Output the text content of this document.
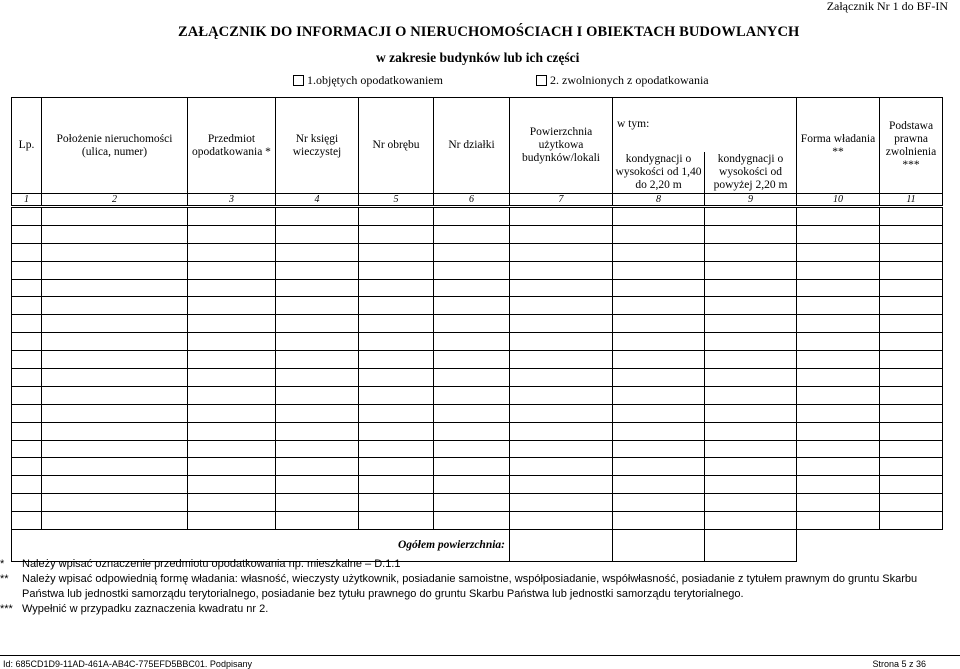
Załącznik Nr 1 do BF-IN
ZAŁĄCZNIK DO INFORMACJI O NIERUCHOMOŚCIACH I OBIEKTACH BUDOWLANYCH
w zakresie budynków lub ich części
1.objętych opodatkowaniem	2. zwolnionych z opodatkowania
Lp.	Położenie nieruchomości (ulica, numer)	Przedmiot opodatkowania *	Nr księgi wieczystej	Nr obrębu	Nr działki	Powierzchnia użytkowa budynków/lokali	w tym:		Forma władania **	Podstawa prawna zwolnienia ***
							kondygnacji o wysokości od 1,40 do 2,20 m	kondygnacji o wysokości od powyżej 2,20 m		
1	2	3	4	5	6	7	8	9	10	11

Ogółem powierzchnia:										
*	Należy wpisać oznaczenie przedmiotu opodatkowania np. mieszkalne – D.1.1
**	Należy wpisać odpowiednią formę władania: własność, wieczysty użytkownik, posiadanie samoistne, współposiadanie, współwłasność, posiadanie z tytułem prawnym do gruntu Skarbu Państwa lub jednostki samorządu terytorialnego, posiadanie bez tytułu prawnego do gruntu Skarbu Państwa lub jednostki samorządu terytorialnego.
*** Wypełnić w przypadku zaznaczenia kwadratu nr 2.
Id: 685CD1D9-11AD-461A-AB4C-775EFD5BBC01. Podpisany	Strona 5 z 36
